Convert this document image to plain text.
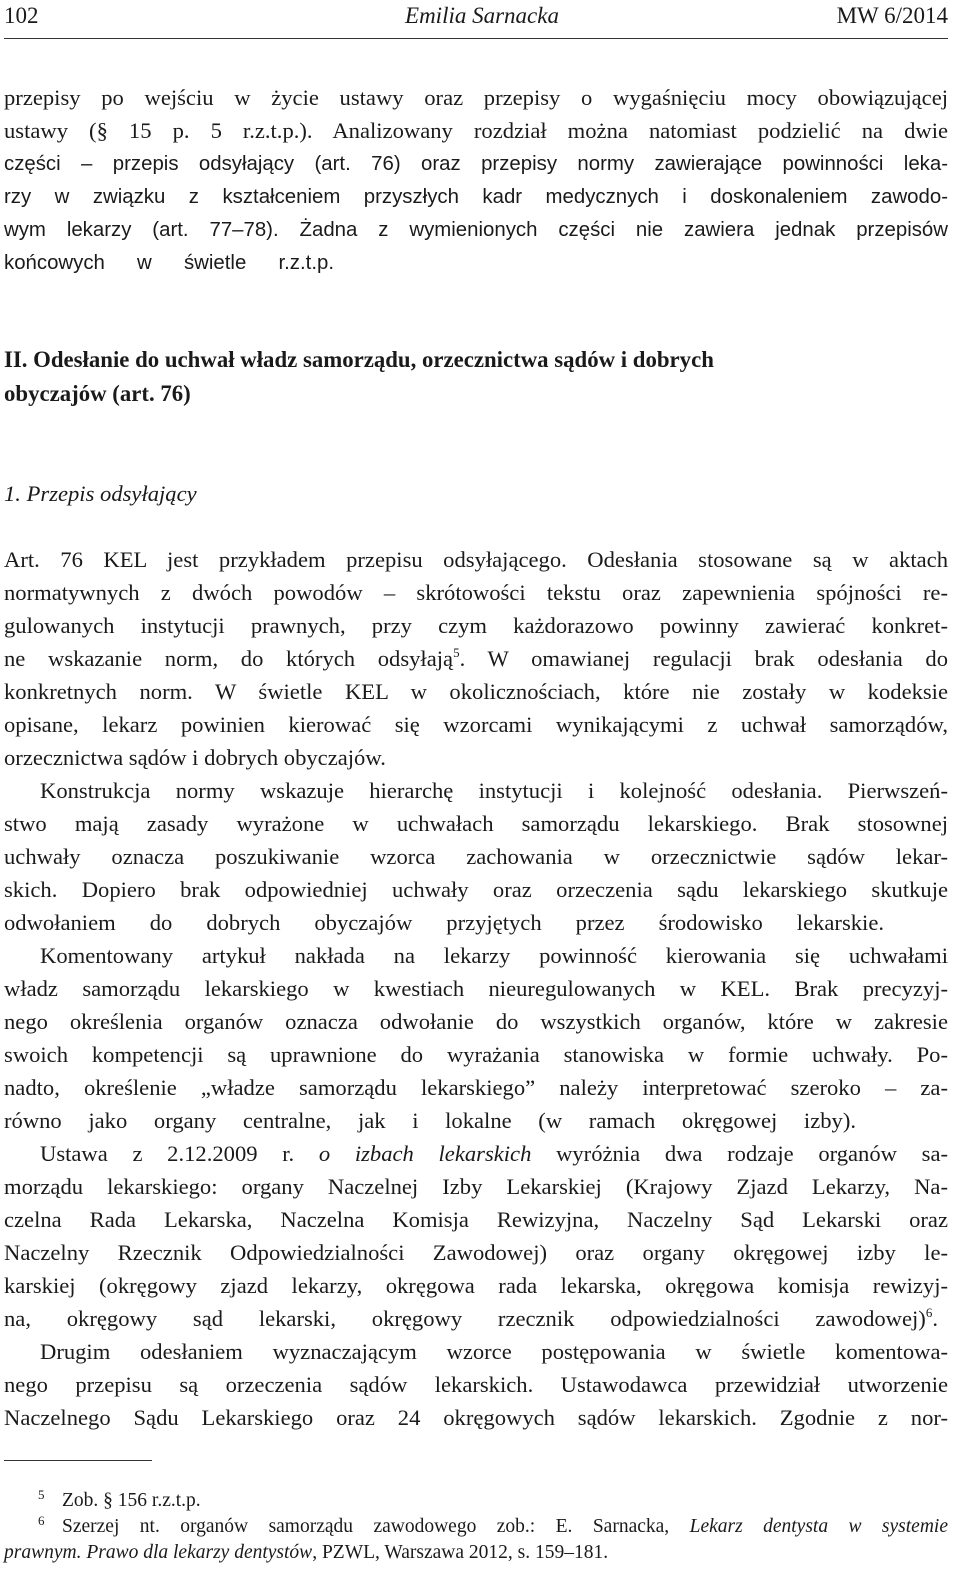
102	Emilia Sarnacka	MW 6/2014
przepisy po wejściu w życie ustawy oraz przepisy o wygaśnięciu mocy obowiązującej
ustawy (§ 15 p. 5 r.z.t.p.). Analizowany rozdział można natomiast podzielić na dwie
części – przepis odsyłający (art. 76) oraz przepisy normy zawierające powinności leka-
rzy w związku z kształceniem przyszłych kadr medycznych i doskonaleniem zawodo-
wym lekarzy (art. 77–78). Żadna z wymienionych części nie zawiera jednak przepisów
końcowych w świetle r.z.t.p.
II. Odesłanie do uchwał władz samorządu, orzecznictwa sądów i dobrych
obyczajów (art. 76)
1. Przepis odsyłający
Art. 76 KEL jest przykładem przepisu odsyłającego. Odesłania stosowane są w aktach
normatywnych z dwóch powodów – skrótowości tekstu oraz zapewnienia spójności re-
gulowanych instytucji prawnych, przy czym każdorazowo powinny zawierać konkret-
ne wskazanie norm, do których odsyłają$^5$. W omawianej regulacji brak odesłania do
konkretnych norm. W świetle KEL w okolicznościach, które nie zostały w kodeksie
opisane, lekarz powinien kierować się wzorcami wynikającymi z uchwał samorządów,
orzecznictwa sądów i dobrych obyczajów.
Konstrukcja normy wskazuje hierarchę instytucji i kolejność odesłania. Pierwszeń-
stwo mają zasady wyrażone w uchwałach samorządu lekarskiego. Brak stosownej
uchwały oznacza poszukiwanie wzorca zachowania w orzecznictwie sądów lekar-
skich. Dopiero brak odpowiedniej uchwały oraz orzeczenia sądu lekarskiego skutkuje
odwołaniem do dobrych obyczajów przyjętych przez środowisko lekarskie.
Komentowany artykuł nakłada na lekarzy powinność kierowania się uchwałami
władz samorządu lekarskiego w kwestiach nieuregulowanych w KEL. Brak precyzyj-
nego określenia organów oznacza odwołanie do wszystkich organów, które w zakresie
swoich kompetencji są uprawnione do wyrażania stanowiska w formie uchwały. Po-
nadto, określenie „władze samorządu lekarskiego” należy interpretować szeroko – za-
równo jako organy centralne, jak i lokalne (w ramach okręgowej izby).
Ustawa z 2.12.2009 r. o izbach lekarskich wyróżnia dwa rodzaje organów sa-
morządu lekarskiego: organy Naczelnej Izby Lekarskiej (Krajowy Zjazd Lekarzy, Na-
czelna Rada Lekarska, Naczelna Komisja Rewizyjna, Naczelny Sąd Lekarski oraz
Naczelny Rzecznik Odpowiedzialności Zawodowej) oraz organy okręgowej izby le-
karskiej (okręgowy zjazd lekarzy, okręgowa rada lekarska, okręgowa komisja rewizyj-
na, okręgowy sąd lekarski, okręgowy rzecznik odpowiedzialności zawodowej)$^6$.
Drugim odesłaniem wyznaczającym wzorce postępowania w świetle komentowa-
nego przepisu są orzeczenia sądów lekarskich. Ustawodawca przewidział utworzenie
Naczelnego Sądu Lekarskiego oraz 24 okręgowych sądów lekarskich. Zgodnie z nor-
5 Zob. § 156 r.z.t.p.
6 Szerzej nt. organów samorządu zawodowego zob.: E. Sarnacka, Lekarz dentysta w systemie
prawnym. Prawo dla lekarzy dentystów, PZWL, Warszawa 2012, s. 159–181.
